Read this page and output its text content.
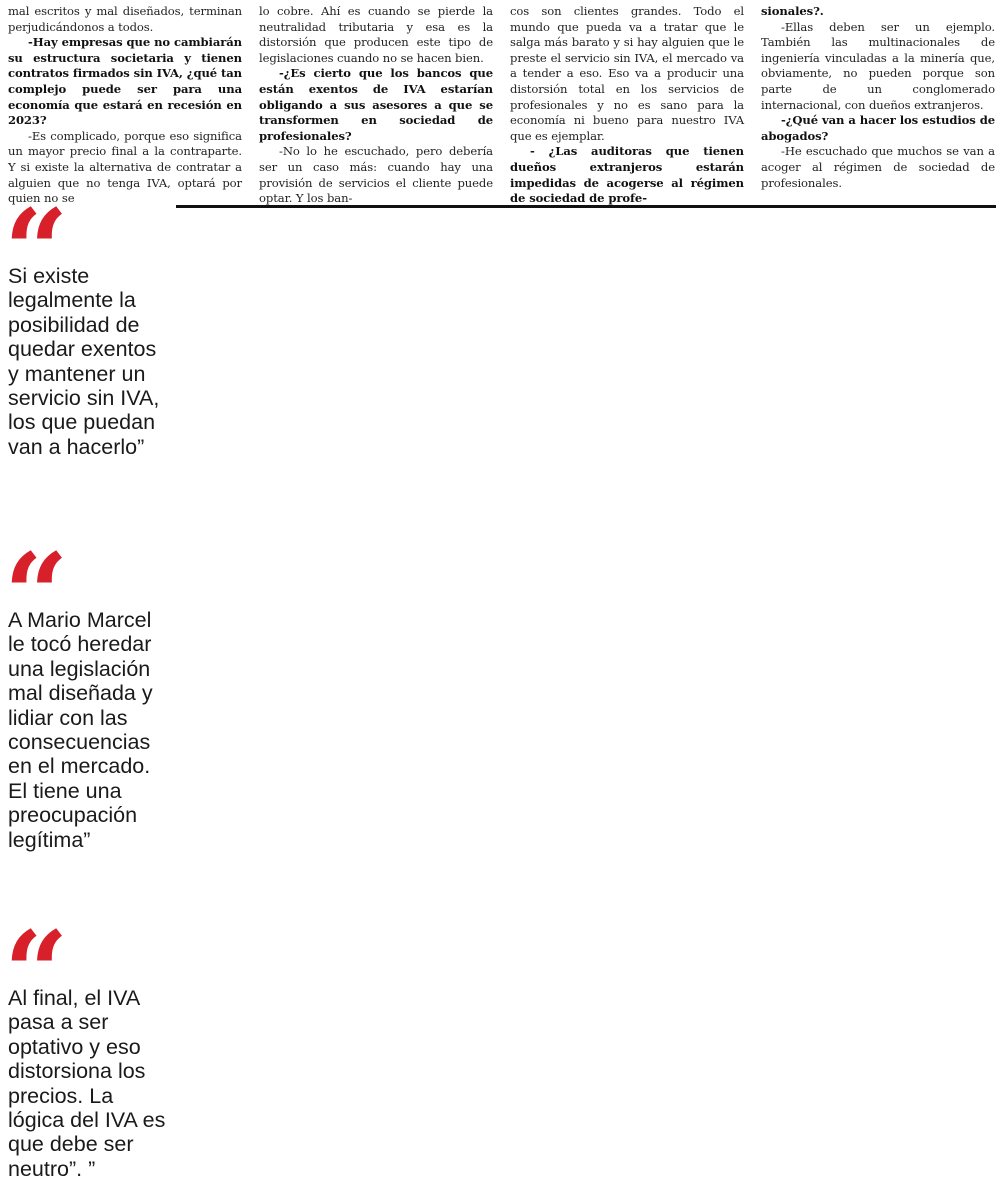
mal escritos y mal diseñados, terminan perjudicándonos a todos.

-Hay empresas que no cambiarán su estructura societaria y tienen contratos firmados sin IVA, ¿qué tan complejo puede ser para una economía que estará en recesión en 2023?

-Es complicado, porque eso significa un mayor precio final a la contraparte. Y si existe la alternativa de contratar a alguien que no tenga IVA, optará por quien no se

lo cobre. Ahí es cuando se pierde la neutralidad tributaria y esa es la distorsión que producen este tipo de legislaciones cuando no se hacen bien.

-¿Es cierto que los bancos que están exentos de IVA estarían obligando a sus asesores a que se transformen en sociedad de profesionales?

-No lo he escuchado, pero debería ser un caso más: cuando hay una provisión de servicios el cliente puede optar. Y los ban-

cos son clientes grandes. Todo el mundo que pueda va a tratar que le salga más barato y si hay alguien que le preste el servicio sin IVA, el mercado va a tender a eso. Eso va a producir una distorsión total en los servicios de profesionales y no es sano para la economía ni bueno para nuestro IVA que es ejemplar.

- ¿Las auditoras que tienen dueños extranjeros estarán impedidas de acogerse al régimen de sociedad de profe-

sionales?.

-Ellas deben ser un ejemplo. También las multinacionales de ingeniería vinculadas a la minería que, obviamente, no pueden porque son parte de un conglomerado internacional, con dueños extranjeros.

-¿Qué van a hacer los estudios de abogados?

-He escuchado que muchos se van a acoger al régimen de sociedad de profesionales.

Si existe legalmente la posibilidad de quedar exentos y mantener un servicio sin IVA, los que puedan van a hacerlo”

A Mario Marcel le tocó heredar una legislación mal diseñada y lidiar con las consecuencias en el mercado. El tiene una preocupación legítima”

Al final, el IVA pasa a ser optativo y eso distorsiona los precios. La lógica del IVA es que debe ser neutro”. ”
